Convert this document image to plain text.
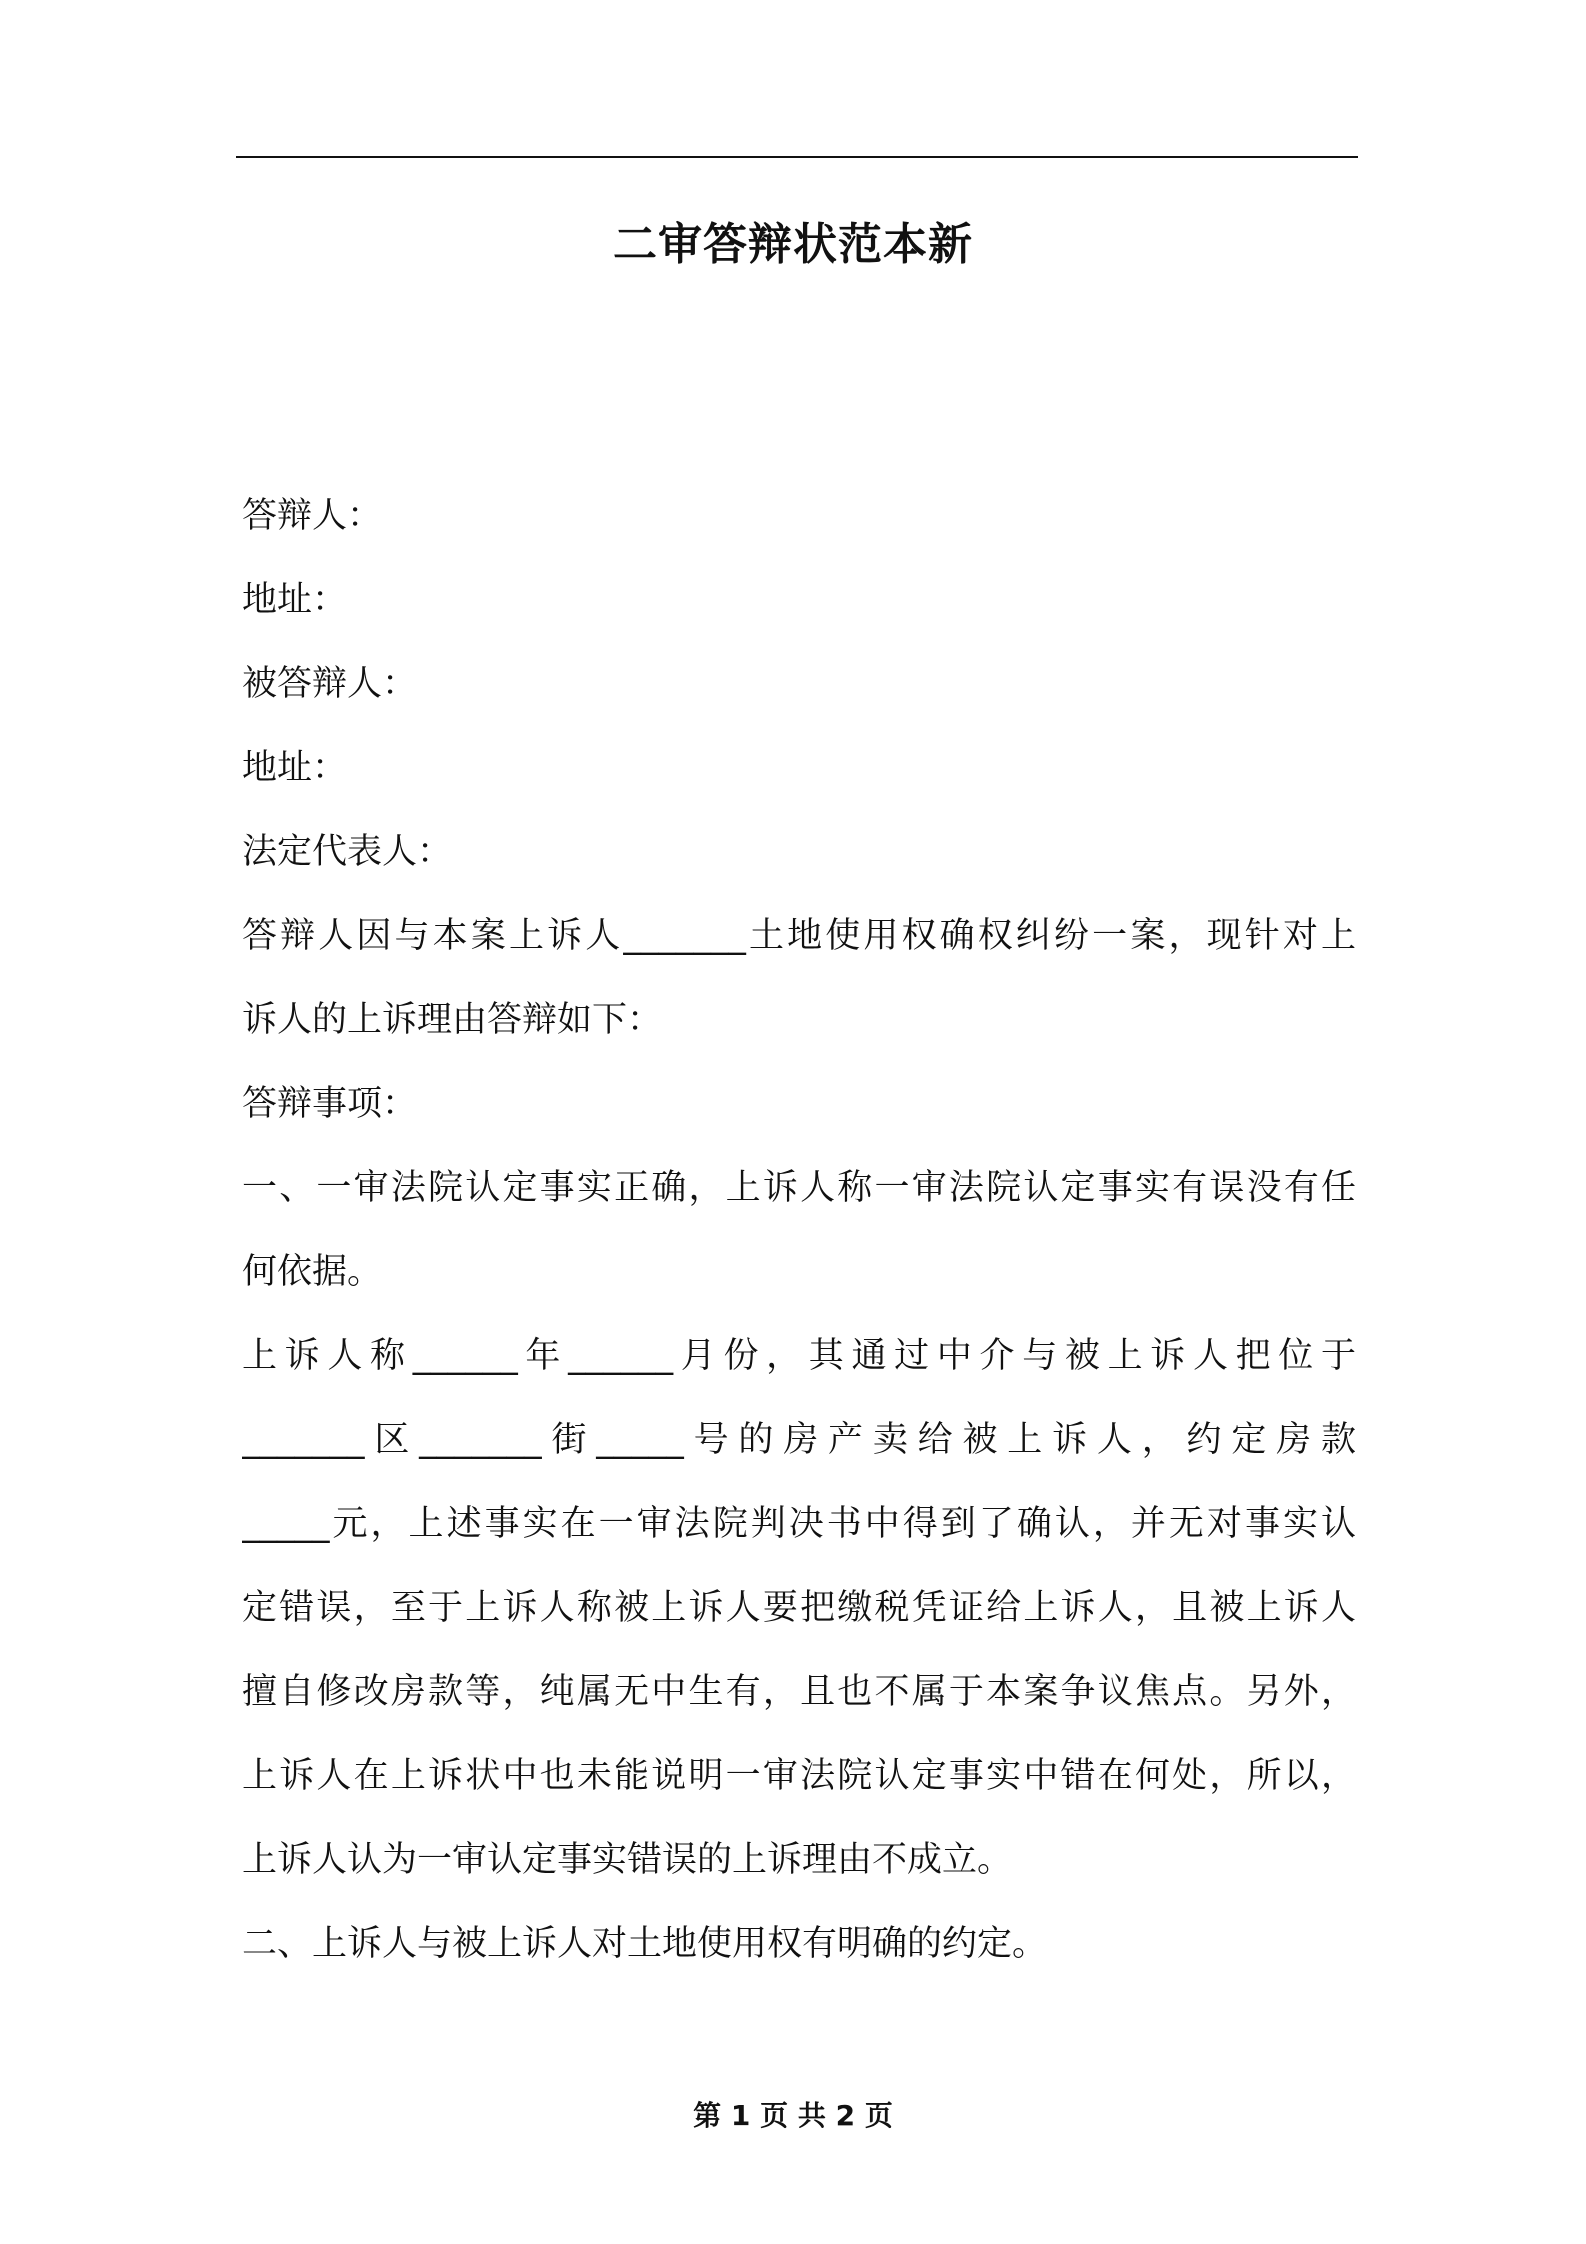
二审答辩状范本新
答辩人：
地址：
被答辩人：
地址：
法定代表人：
答辩人因与本案上诉人_______土地使用权确权纠纷一案，现针对上
诉人的上诉理由答辩如下：
答辩事项：
一、一审法院认定事实正确，上诉人称一审法院认定事实有误没有任
何依据。
上诉人称______年______月份，其通过中介与被上诉人把位于
_______区_______街_____号的房产卖给被上诉人，约定房款
_____元，上述事实在一审法院判决书中得到了确认，并无对事实认
定错误，至于上诉人称被上诉人要把缴税凭证给上诉人，且被上诉人
擅自修改房款等，纯属无中生有，且也不属于本案争议焦点。另外，
上诉人在上诉状中也未能说明一审法院认定事实中错在何处，所以，
上诉人认为一审认定事实错误的上诉理由不成立。
二、上诉人与被上诉人对土地使用权有明确的约定。
第 1 页 共 2 页
